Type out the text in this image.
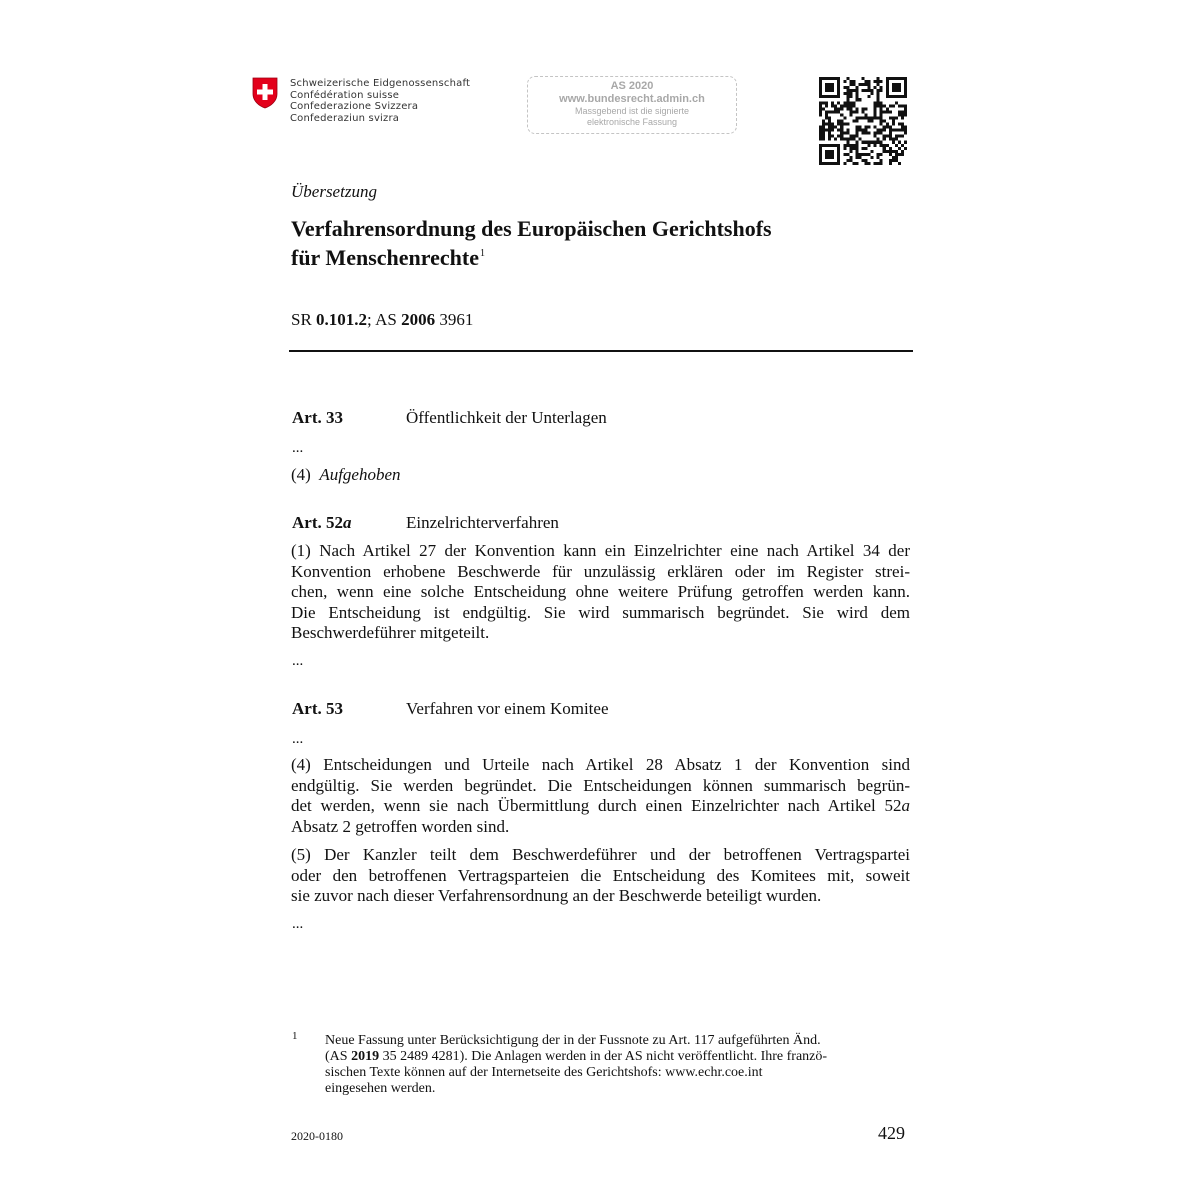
Schweizerische Eidgenossenschaft
Confédération suisse
Confederazione Svizzera
Confederaziun svizra
AS 2020
www.bundesrecht.admin.ch
Massgebend ist die signierte
elektronische Fassung
Übersetzung
Verfahrensordnung des Europäischen Gerichtshofs
für Menschenrechte$^1$
SR 0.101.2; AS 2006 3961
Art. 33	Öffentlichkeit der Unterlagen
...
(4) Aufgehoben
Art. 52a	Einzelrichterverfahren
(1) Nach Artikel 27 der Konvention kann ein Einzelrichter eine nach Artikel 34 der
Konvention erhobene Beschwerde für unzulässig erklären oder im Register strei-
chen, wenn eine solche Entscheidung ohne weitere Prüfung getroffen werden kann.
Die Entscheidung ist endgültig. Sie wird summarisch begründet. Sie wird dem
Beschwerdeführer mitgeteilt.
...
Art. 53	Verfahren vor einem Komitee
...
(4) Entscheidungen und Urteile nach Artikel 28 Absatz 1 der Konvention sind
endgültig. Sie werden begründet. Die Entscheidungen können summarisch begrün-
det werden, wenn sie nach Übermittlung durch einen Einzelrichter nach Artikel 52a
Absatz 2 getroffen worden sind.
(5) Der Kanzler teilt dem Beschwerdeführer und der betroffenen Vertragspartei
oder den betroffenen Vertragsparteien die Entscheidung des Komitees mit, soweit
sie zuvor nach dieser Verfahrensordnung an der Beschwerde beteiligt wurden.
...
1 Neue Fassung unter Berücksichtigung der in der Fussnote zu Art. 117 aufgeführten Änd.
(AS 2019 35 2489 4281). Die Anlagen werden in der AS nicht veröffentlicht. Ihre franzö-
sischen Texte können auf der Internetseite des Gerichtshofs: www.echr.coe.int
eingesehen werden.
2020-0180	429
